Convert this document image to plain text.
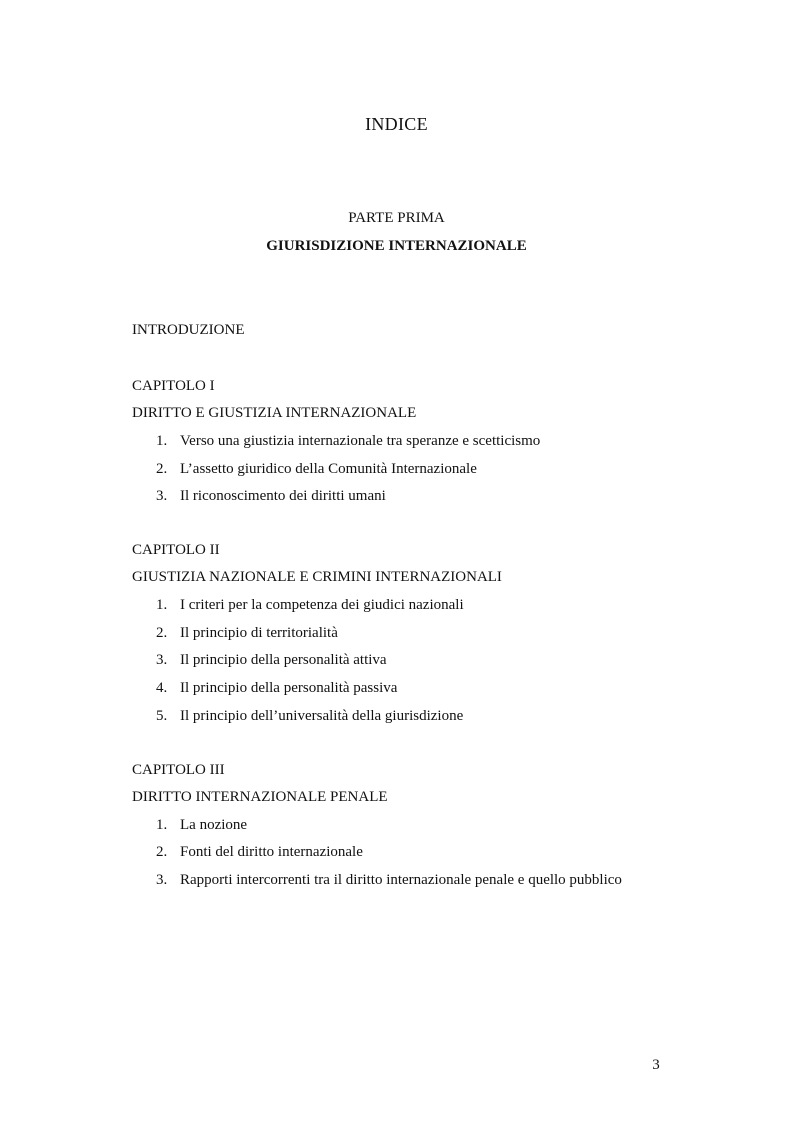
INDICE
PARTE PRIMA
GIURISDIZIONE INTERNAZIONALE
INTRODUZIONE
CAPITOLO I
DIRITTO E GIUSTIZIA INTERNAZIONALE
1. Verso una giustizia internazionale tra speranze e scetticismo
2. L’assetto giuridico della Comunità Internazionale
3. Il riconoscimento dei diritti umani
CAPITOLO II
GIUSTIZIA NAZIONALE E CRIMINI INTERNAZIONALI
1. I criteri per la competenza dei giudici nazionali
2. Il principio di territorialità
3. Il principio della personalità attiva
4. Il principio della personalità passiva
5. Il principio dell’universalità della giurisdizione
CAPITOLO III
DIRITTO INTERNAZIONALE PENALE
1. La nozione
2. Fonti del diritto internazionale
3. Rapporti intercorrenti tra il diritto internazionale penale e quello pubblico
3
